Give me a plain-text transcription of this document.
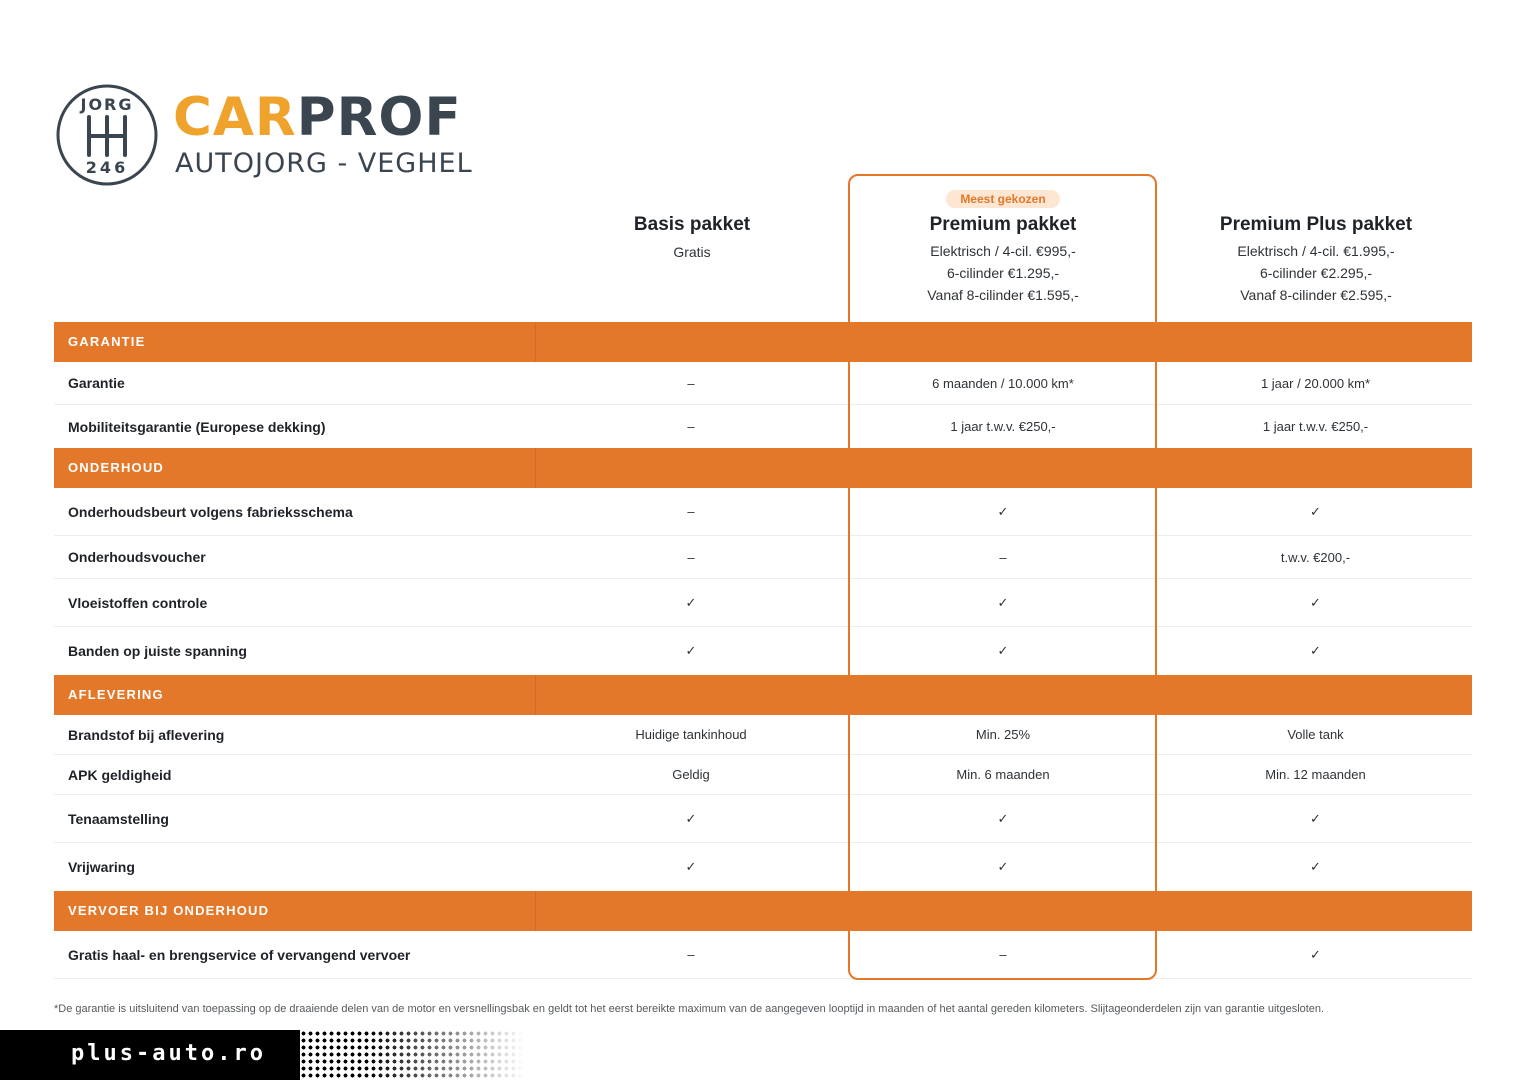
JORG
246
CARPROF
AUTOJORG - VEGHEL
Basis pakket
Gratis
Meest gekozen
Premium pakket
Elektrisch / 4-cil. €995,-
6-cilinder €1.295,-
Vanaf 8-cilinder €1.595,-
Premium Plus pakket
Elektrisch / 4-cil. €1.995,-
6-cilinder €2.295,-
Vanaf 8-cilinder €2.595,-
GARANTIE
Garantie	–	6 maanden / 10.000 km*	1 jaar / 20.000 km*
Mobiliteitsgarantie (Europese dekking)	–	1 jaar t.w.v. €250,-	1 jaar t.w.v. €250,-
ONDERHOUD
Onderhoudsbeurt volgens fabrieksschema	–	✓	✓
Onderhoudsvoucher	–	–	t.w.v. €200,-
Vloeistoffen controle	✓	✓	✓
Banden op juiste spanning	✓	✓	✓
AFLEVERING
Brandstof bij aflevering	Huidige tankinhoud	Min. 25%	Volle tank
APK geldigheid	Geldig	Min. 6 maanden	Min. 12 maanden
Tenaamstelling	✓	✓	✓
Vrijwaring	✓	✓	✓
VERVOER BIJ ONDERHOUD
Gratis haal- en brengservice of vervangend vervoer	–	–	✓
*De garantie is uitsluitend van toepassing op de draaiende delen van de motor en versnellingsbak en geldt tot het eerst bereikte maximum van de aangegeven looptijd in maanden of het aantal gereden kilometers. Slijtageonderdelen zijn van garantie uitgesloten.
plus-auto.ro
